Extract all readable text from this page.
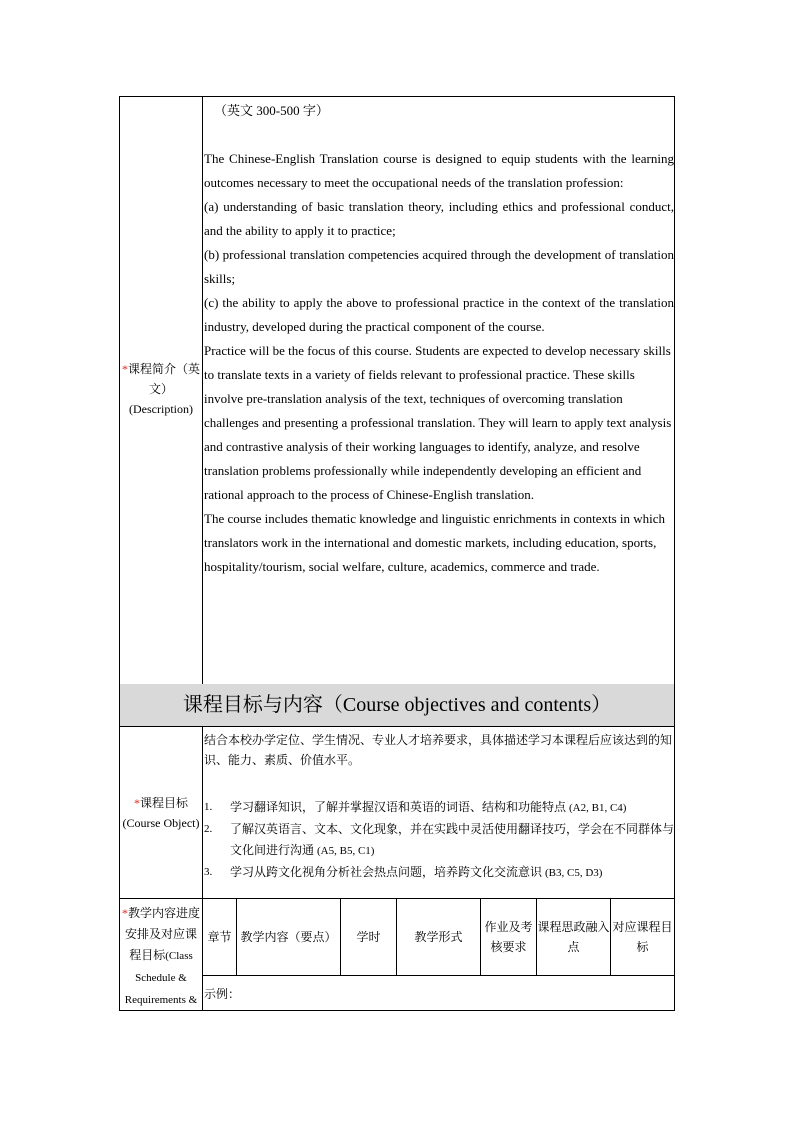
*课程简介（英文）
(Description)

（英文 300-500 字）

The Chinese-English Translation course is designed to equip students with the learning outcomes necessary to meet the occupational needs of the translation profession:

(a) understanding of basic translation theory, including ethics and professional conduct, and the ability to apply it to practice;

(b) professional translation competencies acquired through the development of translation skills;

(c) the ability to apply the above to professional practice in the context of the translation industry, developed during the practical component of the course.

Practice will be the focus of this course. Students are expected to develop necessary skills to translate texts in a variety of fields relevant to professional practice. These skills involve pre-translation analysis of the text, techniques of overcoming translation challenges and presenting a professional translation. They will learn to apply text analysis and contrastive analysis of their working languages to identify, analyze, and resolve translation problems professionally while independently developing an efficient and rational approach to the process of Chinese-English translation.

The course includes thematic knowledge and linguistic enrichments in contexts in which translators work in the international and domestic markets, including education, sports, hospitality/tourism, social welfare, culture, academics, commerce and trade.

课程目标与内容（Course objectives and contents）
*课程目标
(Course Object)
结合本校办学定位、学生情况、专业人才培养要求，具体描述学习本课程后应该达到的知识、能力、素质、价值水平。
1. 学习翻译知识，了解并掌握汉语和英语的词语、结构和功能特点 (A2, B1, C4)
2. 了解汉英语言、文本、文化现象，并在实践中灵活使用翻译技巧，学会在不同群体与文化间进行沟通 (A5, B5, C1)
3. 学习从跨文化视角分析社会热点问题，培养跨文化交流意识 (B3, C5, D3)
*教学内容进度安排及对应课程目标(Class Schedule & Requirements &
章节 教学内容（要点）	学时	教学形式
作业及考核要求
课程思政融入点
对应课程目标
示例：
